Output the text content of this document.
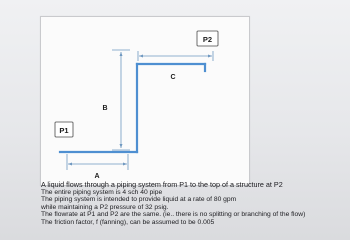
P1
P2
A
B
C
A liquid flows through a piping system from P1 to the top of a structure at P2
The entire piping system is 4 sch 40 pipe
The piping system is intended to provide liquid at a rate of 80 gpm
while maintaining a P2 pressure of 32 psig.
The flowrate at P1 and P2 are the same. (ie.. there is no splitting or branching of the flow)
The friction factor, f (fanning), can be assumed to be 0.005
